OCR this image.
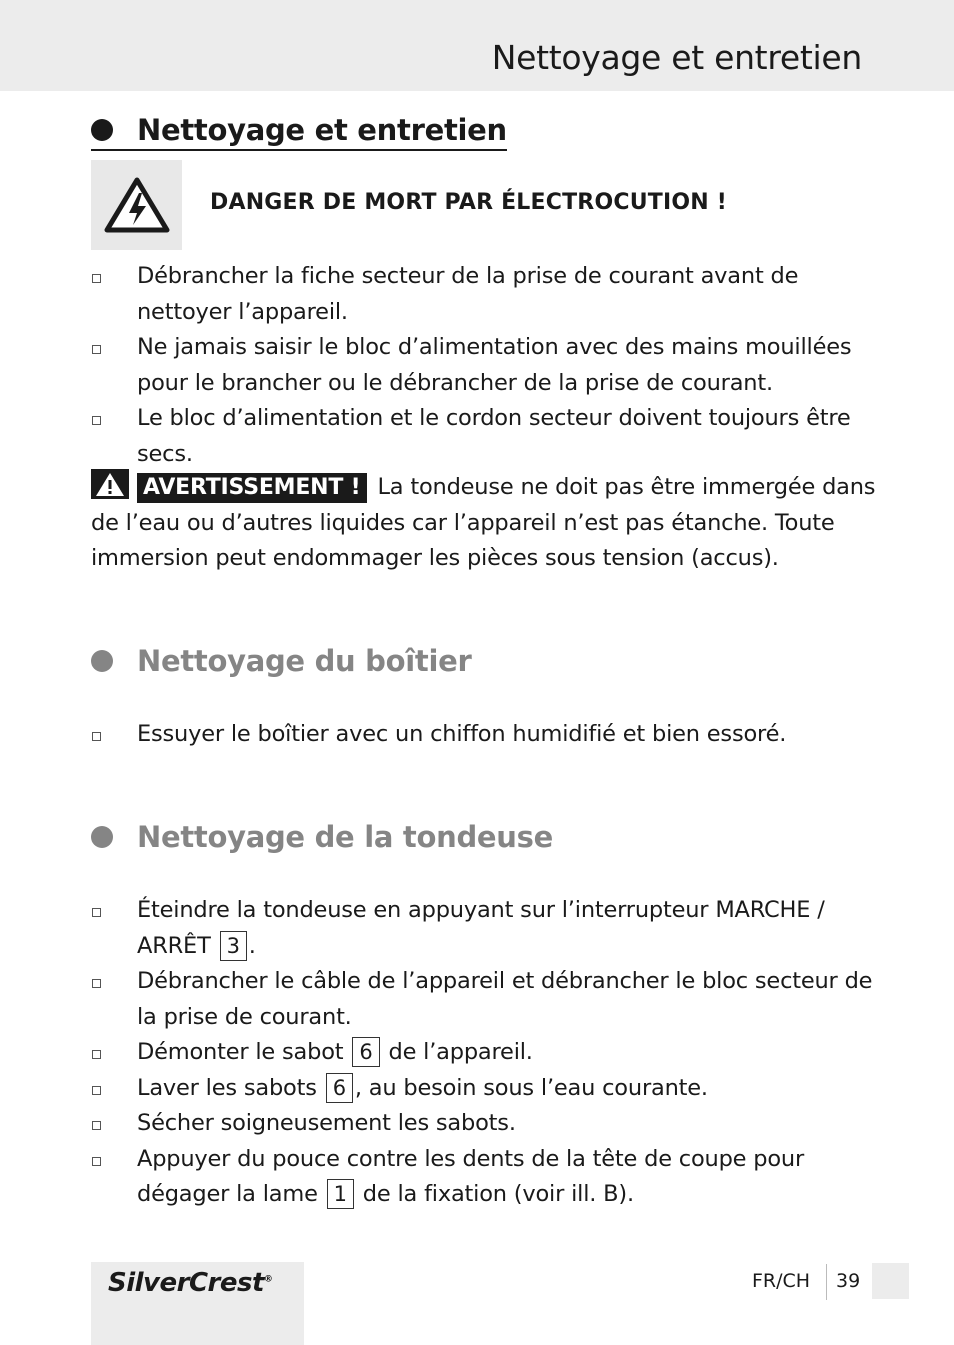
Nettoyage et entretien
Nettoyage et entretien
DANGER DE MORT PAR ÉLECTROCUTION !
Débrancher la fiche secteur de la prise de courant avant de nettoyer l’appareil.
Ne jamais saisir le bloc d’alimentation avec des mains mouillées pour le brancher ou le débrancher de la prise de courant.
Le bloc d’alimentation et le cordon secteur doivent toujours être secs.
AVERTISSEMENT ! La tondeuse ne doit pas être immergée dans de l’eau ou d’autres liquides car l’appareil n’est pas étanche. Toute immersion peut endommager les pièces sous tension (accus).
Nettoyage du boîtier
Essuyer le boîtier avec un chiffon humidifié et bien essoré.
Nettoyage de la tondeuse
Éteindre la tondeuse en appuyant sur l’interrupteur MARCHE / ARRÊT 3 .
Débrancher le câble de l’appareil et débrancher le bloc secteur de la prise de courant.
Démonter le sabot 6 de l’appareil.
Laver les sabots 6 , au besoin sous l’eau courante.
Sécher soigneusement les sabots.
Appuyer du pouce contre les dents de la tête de coupe pour dégager la lame 1 de la fixation (voir ill. B).
SilverCrest®	FR/CH 39
